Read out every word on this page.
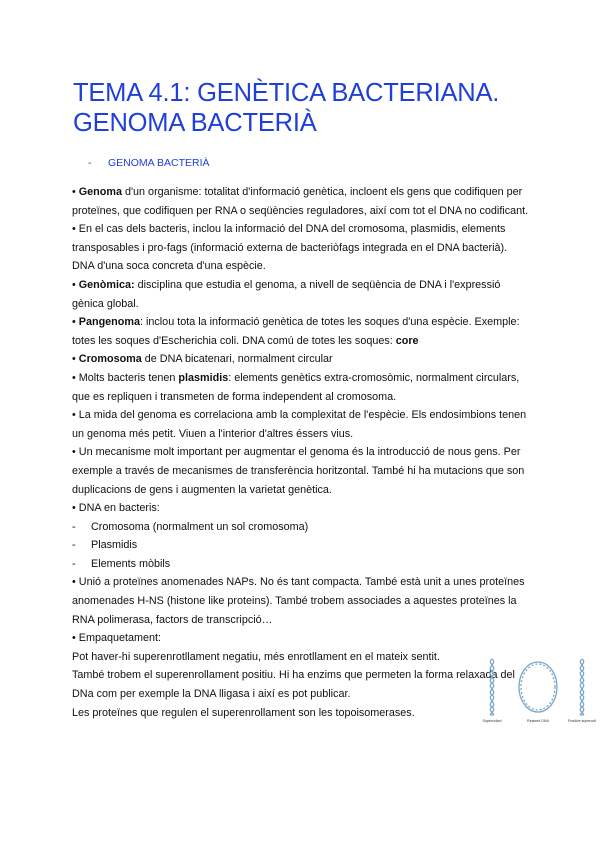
TEMA 4.1: GENÈTICA BACTERIANA. GENOMA BACTERIÀ
- GENOMA BACTERIÀ

• Genoma d'un organisme: totalitat d'informació genètica, incloent els gens que codifiquen per proteïnes, que codifiquen per RNA o seqüències reguladores, així com tot el DNA no codificant.

• En el cas dels bacteris, inclou la informació del DNA del cromosoma, plasmidis, elements transposables i pro-fags (informació externa de bacteriòfags integrada en el DNA bacterià). DNA d'una soca concreta d'una espècie.

• Genòmica: disciplina que estudia el genoma, a nivell de seqüència de DNA i l'expressió gènica global.

• Pangenoma: inclou tota la informació genètica de totes les soques d'una espècie. Exemple: totes les soques d'Escherichia coli. DNA comú de totes les soques: core

• Cromosoma de DNA bicatenari, normalment circular

• Molts bacteris tenen plasmidis: elements genètics extra-cromosòmic, normalment circulars, que es repliquen i transmeten de forma independent al cromosoma.

• La mida del genoma es correlaciona amb la complexitat de l'espècie. Els endosimbions tenen un genoma més petit. Viuen a l'interior d'altres éssers vius.

• Un mecanisme molt important per augmentar el genoma és la introducció de nous gens. Per exemple a través de mecanismes de transferència horitzontal. També hi ha mutacions que son duplicacions de gens i augmenten la varietat genètica.

• DNA en bacteris:

- Cromosoma (normalment un sol cromosoma)

- Plasmidis

- Elements mòbils

• Unió a proteïnes anomenades NAPs. No és tant compacta. També està unit a unes proteïnes anomenades H-NS (histone like proteins). També trobem associades a aquestes proteïnes la RNA polimerasa, factors de transcripció…

• Empaquetament:

Pot haver-hi superenrotllament negatiu, més enrotllament en el mateix sentit.

També trobem el superenrollament positiu. Hi ha enzims que permeten la forma relaxada del DNa com per exemple la DNA lligasa i així es pot publicar.

Les proteïnes que regulen el superenrollament son les topoisomerases.

Supercoiled	Relaxed DNA	Positive supercoil
